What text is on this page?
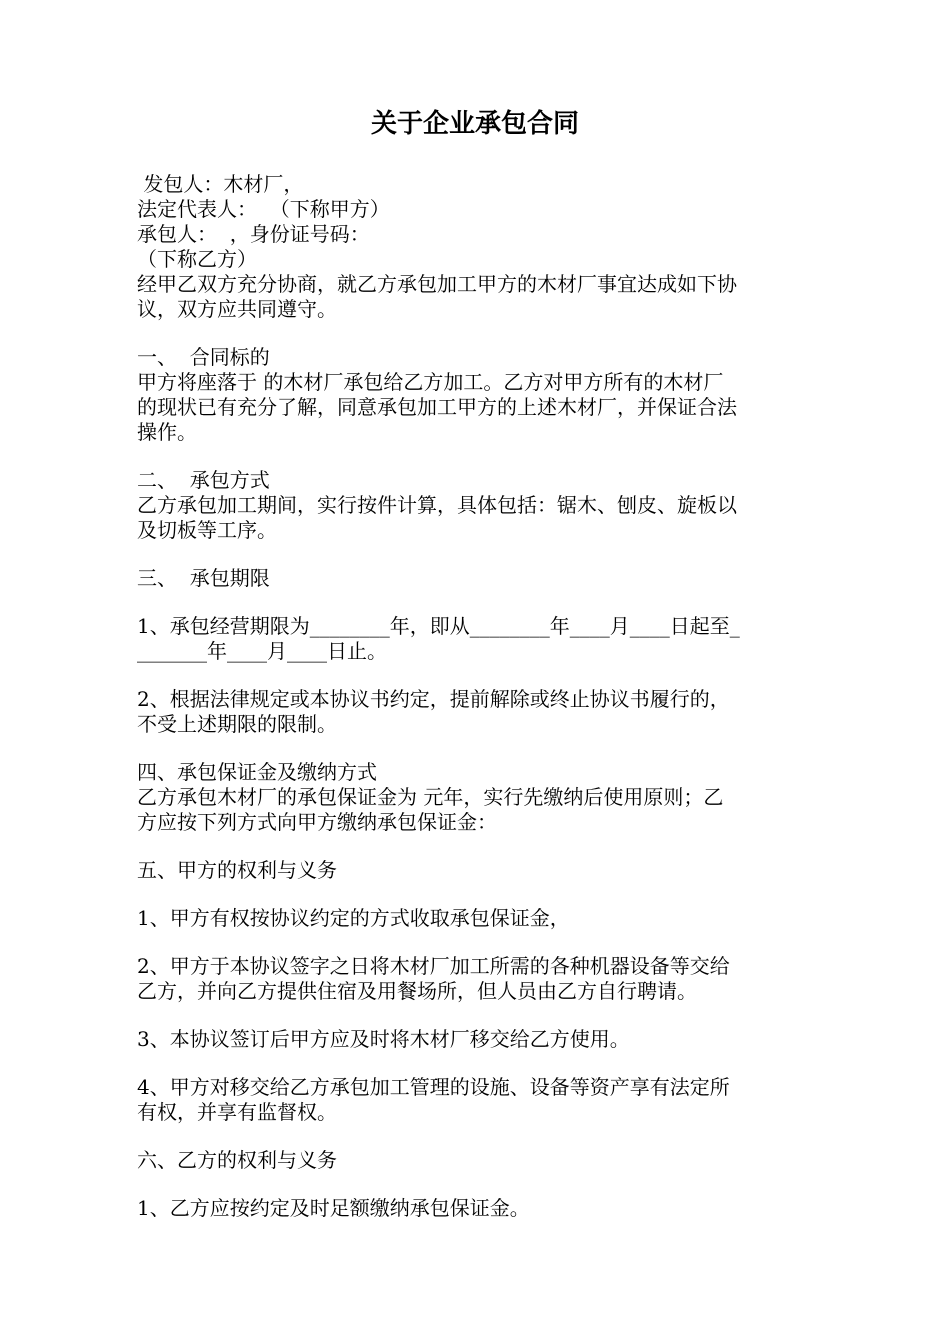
关于企业承包合同
发包人：木材厂，
法定代表人：  （下称甲方）
承包人：  ，身份证号码：
（下称乙方）
经甲乙双方充分协商，就乙方承包加工甲方的木材厂事宜达成如下协
议，双方应共同遵守。
一、  合同标的
甲方将座落于 的木材厂承包给乙方加工。乙方对甲方所有的木材厂
的现状已有充分了解，同意承包加工甲方的上述木材厂，并保证合法
操作。
二、  承包方式
乙方承包加工期间，实行按件计算，具体包括：锯木、刨皮、旋板以
及切板等工序。
三、  承包期限
1、承包经营期限为________年，即从________年____月____日起至_
_______年____月____日止。
2、根据法律规定或本协议书约定，提前解除或终止协议书履行的，
不受上述期限的限制。
四、承包保证金及缴纳方式
乙方承包木材厂的承包保证金为 元年，实行先缴纳后使用原则；乙
方应按下列方式向甲方缴纳承包保证金：
五、甲方的权利与义务
1、甲方有权按协议约定的方式收取承包保证金，
2、甲方于本协议签字之日将木材厂加工所需的各种机器设备等交给
乙方，并向乙方提供住宿及用餐场所，但人员由乙方自行聘请。
3、本协议签订后甲方应及时将木材厂移交给乙方使用。
4、甲方对移交给乙方承包加工管理的设施、设备等资产享有法定所
有权，并享有监督权。
六、乙方的权利与义务
1、乙方应按约定及时足额缴纳承包保证金。
